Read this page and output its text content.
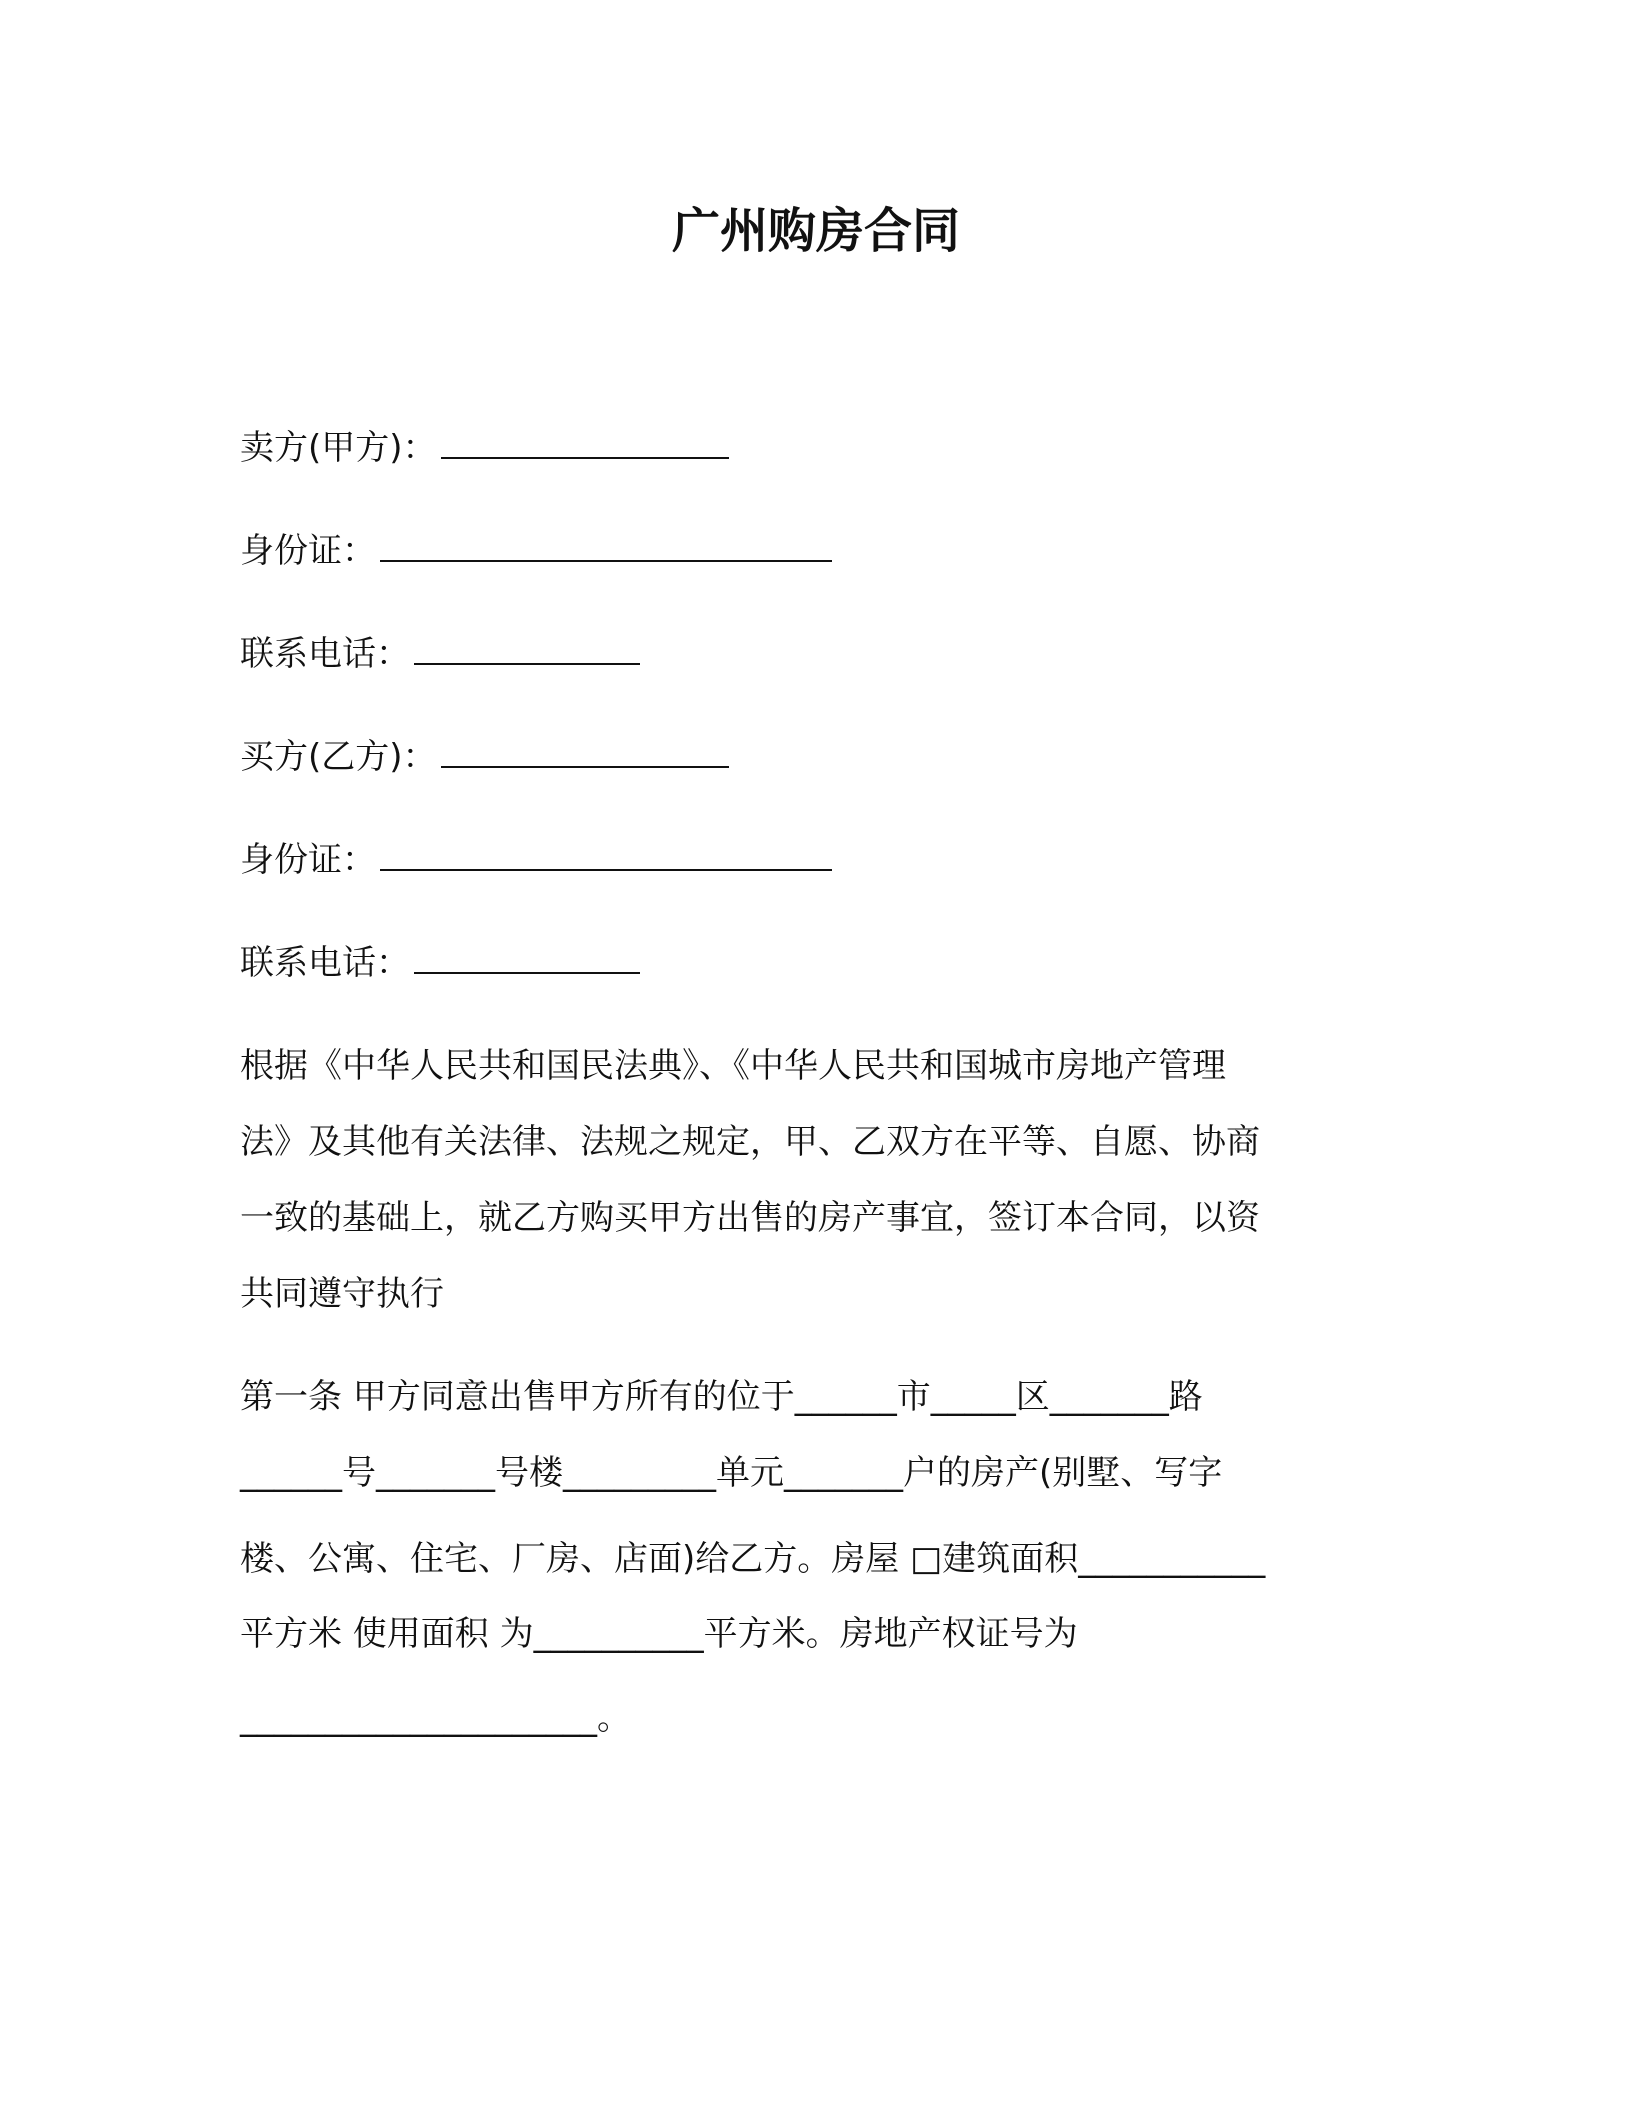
广州购房合同
卖方(甲方)：
身份证：
联系电话：
买方(乙方)：
身份证：
联系电话：
根据《中华人民共和国民法典》、《中华人民共和国城市房地产管理
法》及其他有关法律、法规之规定，甲、乙双方在平等、自愿、协商
一致的基础上，就乙方购买甲方出售的房产事宜，签订本合同，以资
共同遵守执行
第一条 甲方同意出售甲方所有的位于______市_____区_______路
______号_______号楼_________单元_______户的房产(别墅、写字
楼、公寓、住宅、厂房、店面)给乙方。房屋 □建筑面积___________
平方米 使用面积 为__________平方米。房地产权证号为
_____________________。
